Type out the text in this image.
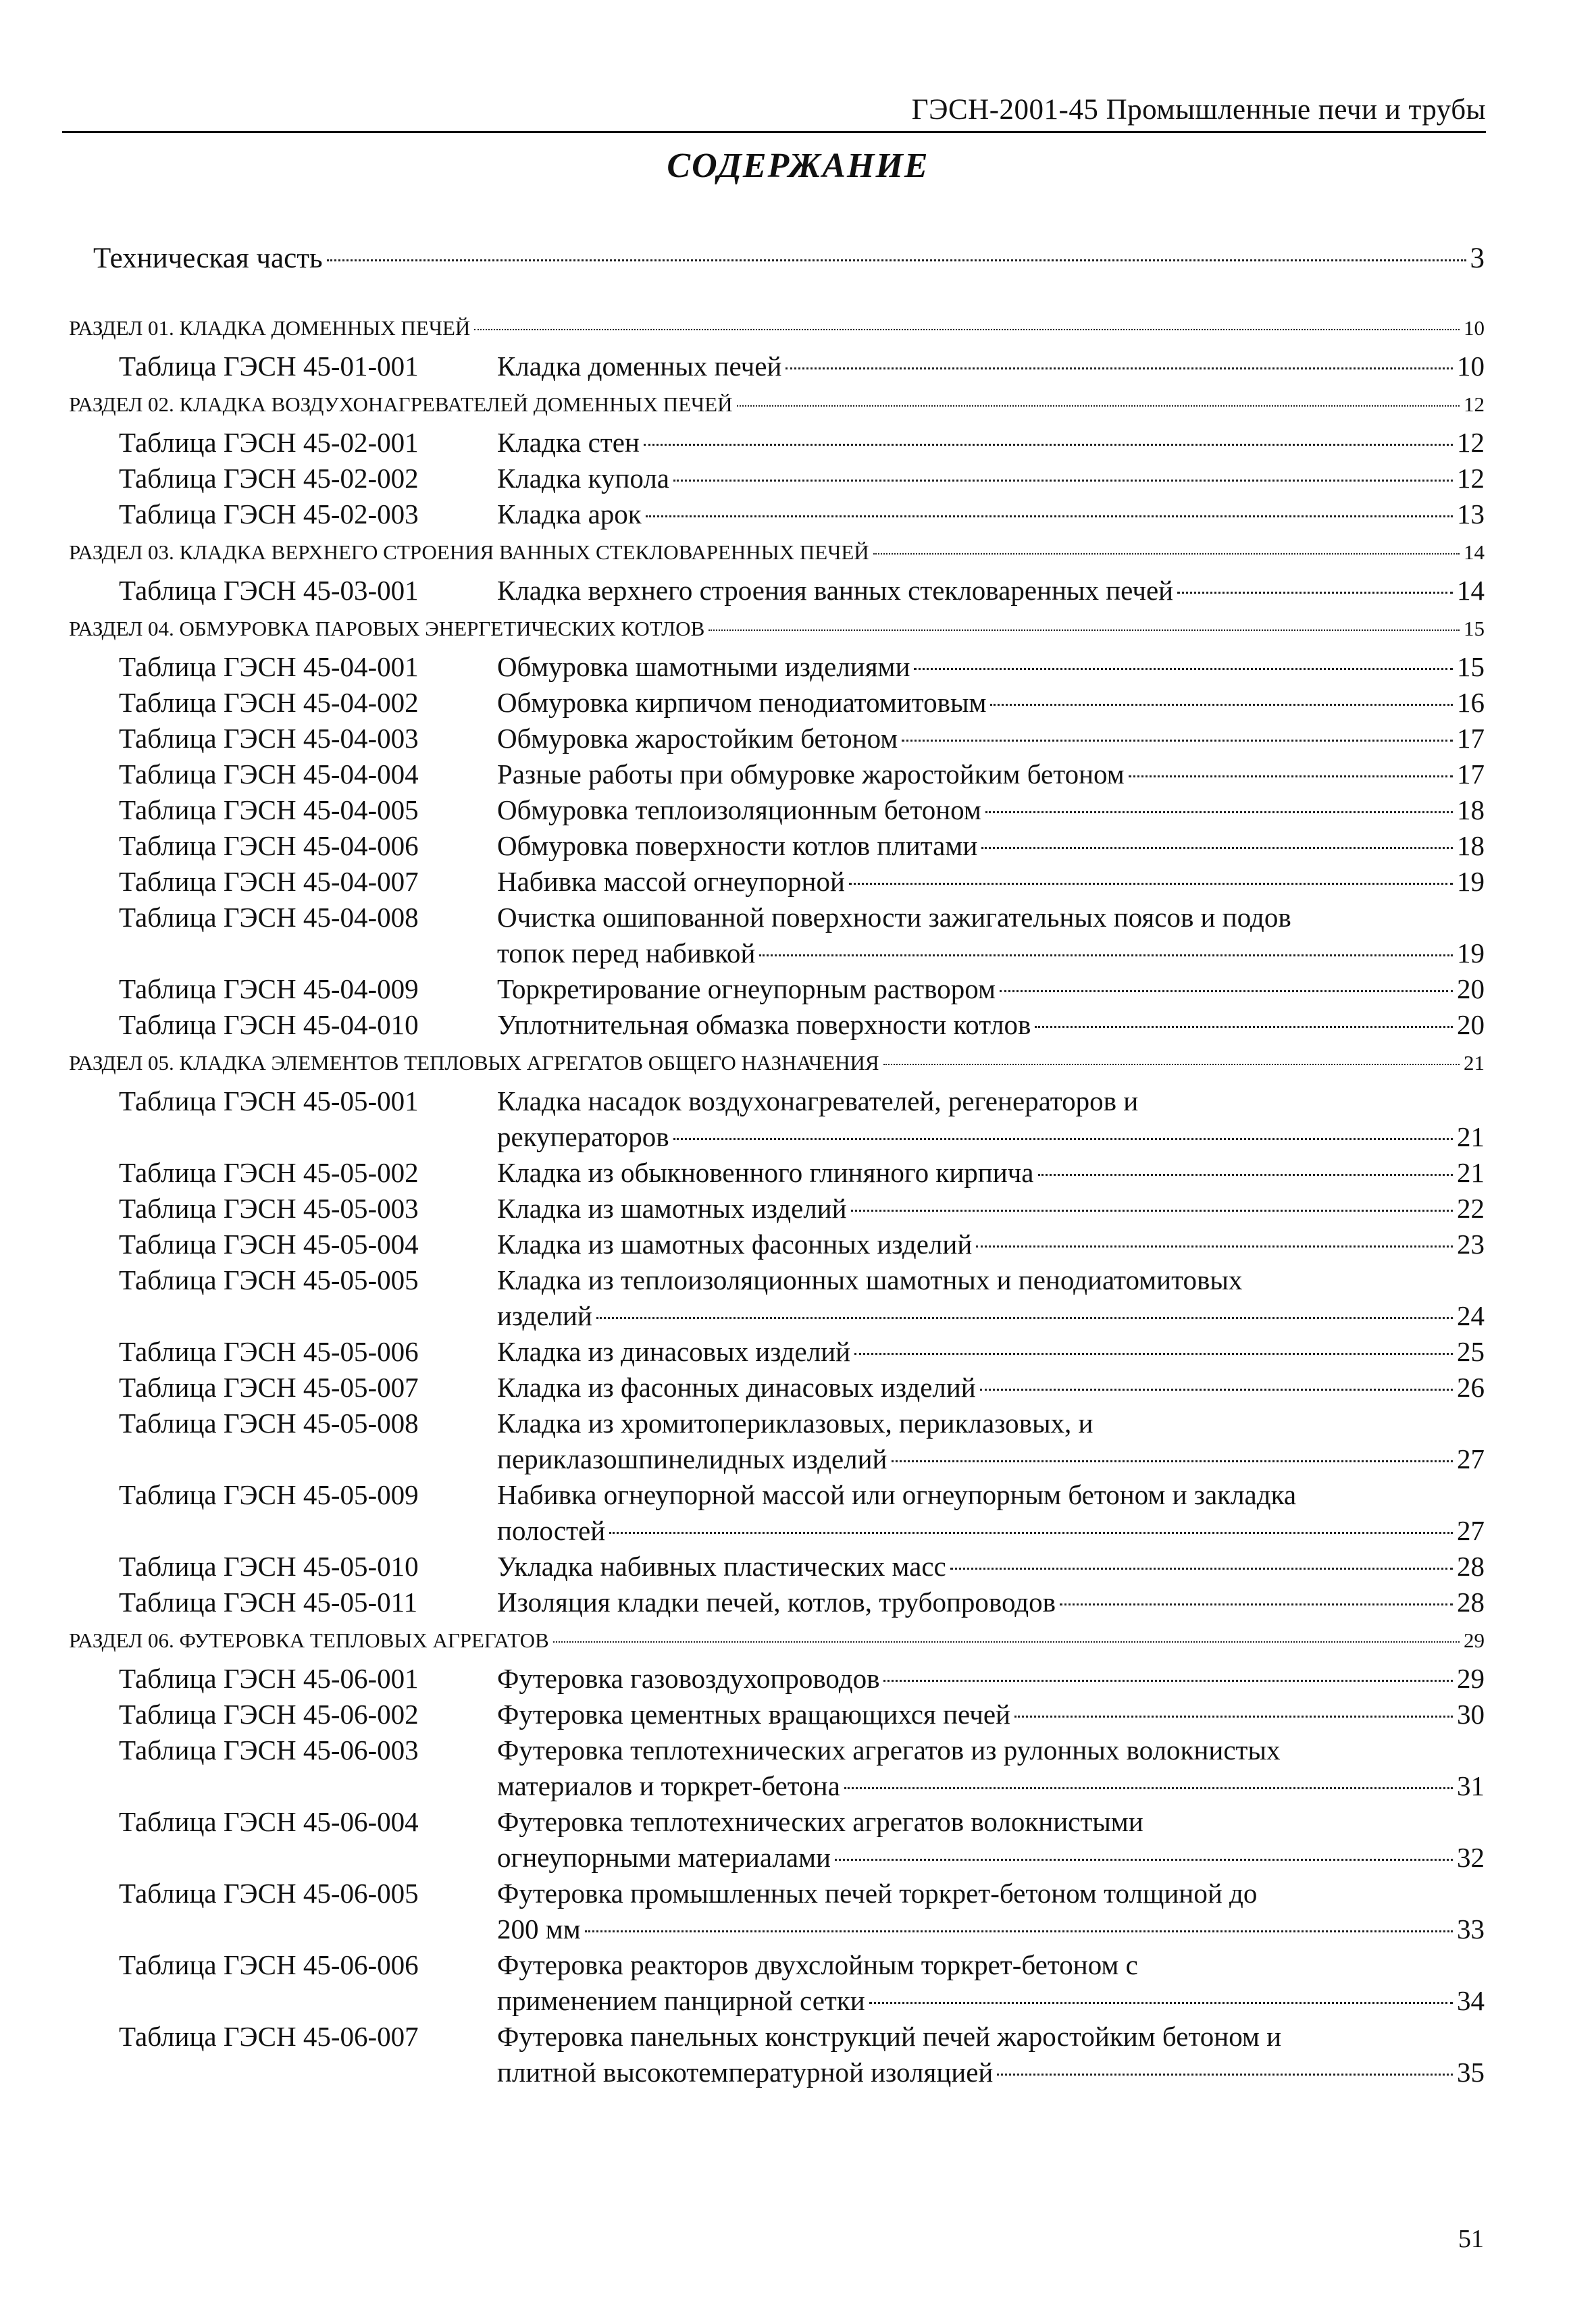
ГЭСН-2001-45 Промышленные печи и трубы
СОДЕРЖАНИЕ
Техническая часть	3
РАЗДЕЛ 01. КЛАДКА ДОМЕННЫХ ПЕЧЕЙ	10
Таблица ГЭСН 45-01-001	Кладка доменных печей	10
РАЗДЕЛ 02. КЛАДКА ВОЗДУХОНАГРЕВАТЕЛЕЙ ДОМЕННЫХ ПЕЧЕЙ	12
Таблица ГЭСН 45-02-001	Кладка стен	12
Таблица ГЭСН 45-02-002	Кладка купола	12
Таблица ГЭСН 45-02-003	Кладка арок	13
РАЗДЕЛ 03. КЛАДКА ВЕРХНЕГО СТРОЕНИЯ ВАННЫХ СТЕКЛОВАРЕННЫХ ПЕЧЕЙ	14
Таблица ГЭСН 45-03-001	Кладка верхнего строения ванных стекловаренных печей	14
РАЗДЕЛ 04. ОБМУРОВКА ПАРОВЫХ ЭНЕРГЕТИЧЕСКИХ КОТЛОВ	15
Таблица ГЭСН 45-04-001	Обмуровка шамотными изделиями	15
Таблица ГЭСН 45-04-002	Обмуровка кирпичом пенодиатомитовым	16
Таблица ГЭСН 45-04-003	Обмуровка жаростойким бетоном	17
Таблица ГЭСН 45-04-004	Разные работы при обмуровке жаростойким бетоном	17
Таблица ГЭСН 45-04-005	Обмуровка теплоизоляционным бетоном	18
Таблица ГЭСН 45-04-006	Обмуровка поверхности котлов плитами	18
Таблица ГЭСН 45-04-007	Набивка массой огнеупорной	19
Таблица ГЭСН 45-04-008	Очистка ошипованной поверхности зажигательных поясов и подов
топок перед набивкой	19
Таблица ГЭСН 45-04-009	Торкретирование огнеупорным раствором	20
Таблица ГЭСН 45-04-010	Уплотнительная обмазка поверхности котлов	20
РАЗДЕЛ 05. КЛАДКА ЭЛЕМЕНТОВ ТЕПЛОВЫХ АГРЕГАТОВ ОБЩЕГО НАЗНАЧЕНИЯ	21
Таблица ГЭСН 45-05-001	Кладка насадок воздухонагревателей, регенераторов и
рекуператоров	21
Таблица ГЭСН 45-05-002	Кладка из обыкновенного глиняного кирпича	21
Таблица ГЭСН 45-05-003	Кладка из шамотных изделий	22
Таблица ГЭСН 45-05-004	Кладка из шамотных фасонных изделий	23
Таблица ГЭСН 45-05-005	Кладка из теплоизоляционных шамотных и пенодиатомитовых
изделий	24
Таблица ГЭСН 45-05-006	Кладка из динасовых изделий	25
Таблица ГЭСН 45-05-007	Кладка из фасонных динасовых изделий	26
Таблица ГЭСН 45-05-008	Кладка из хромитопериклазовых, периклазовых, и
периклазошпинелидных изделий	27
Таблица ГЭСН 45-05-009	Набивка огнеупорной массой или огнеупорным бетоном и закладка
полостей	27
Таблица ГЭСН 45-05-010	Укладка набивных пластических масс	28
Таблица ГЭСН 45-05-011	Изоляция кладки печей, котлов, трубопроводов	28
РАЗДЕЛ 06. ФУТЕРОВКА ТЕПЛОВЫХ АГРЕГАТОВ	29
Таблица ГЭСН 45-06-001	Футеровка газовоздухопроводов	29
Таблица ГЭСН 45-06-002	Футеровка цементных вращающихся печей	30
Таблица ГЭСН 45-06-003	Футеровка теплотехнических агрегатов из рулонных волокнистых
материалов и торкрет-бетона	31
Таблица ГЭСН 45-06-004	Футеровка теплотехнических агрегатов волокнистыми
огнеупорными материалами	32
Таблица ГЭСН 45-06-005	Футеровка промышленных печей торкрет-бетоном толщиной до
200 мм	33
Таблица ГЭСН 45-06-006	Футеровка реакторов двухслойным торкрет-бетоном с
применением панцирной сетки	34
Таблица ГЭСН 45-06-007	Футеровка панельных конструкций печей жаростойким бетоном и
плитной высокотемпературной изоляцией	35
51
